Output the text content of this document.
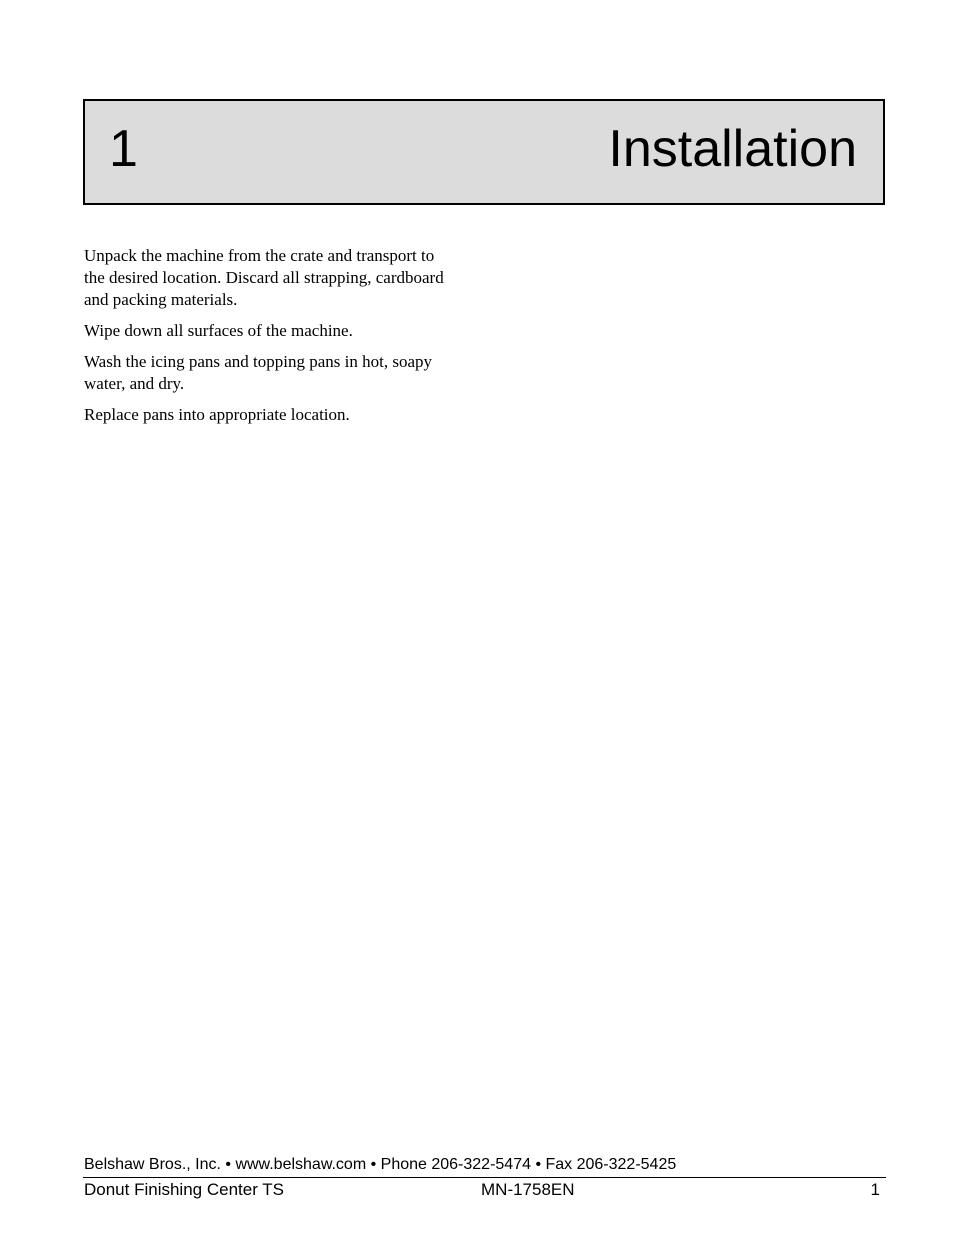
1	Installation

Unpack the machine from the crate and transport to the desired location. Discard all strapping, cardboard and packing materials.

Wipe down all surfaces of the machine.

Wash the icing pans and topping pans in hot, soapy water, and dry.

Replace pans into appropriate location.

Belshaw Bros., Inc. • www.belshaw.com • Phone 206-322-5474 • Fax 206-322-5425
Donut Finishing Center TS	MN-1758EN	1
